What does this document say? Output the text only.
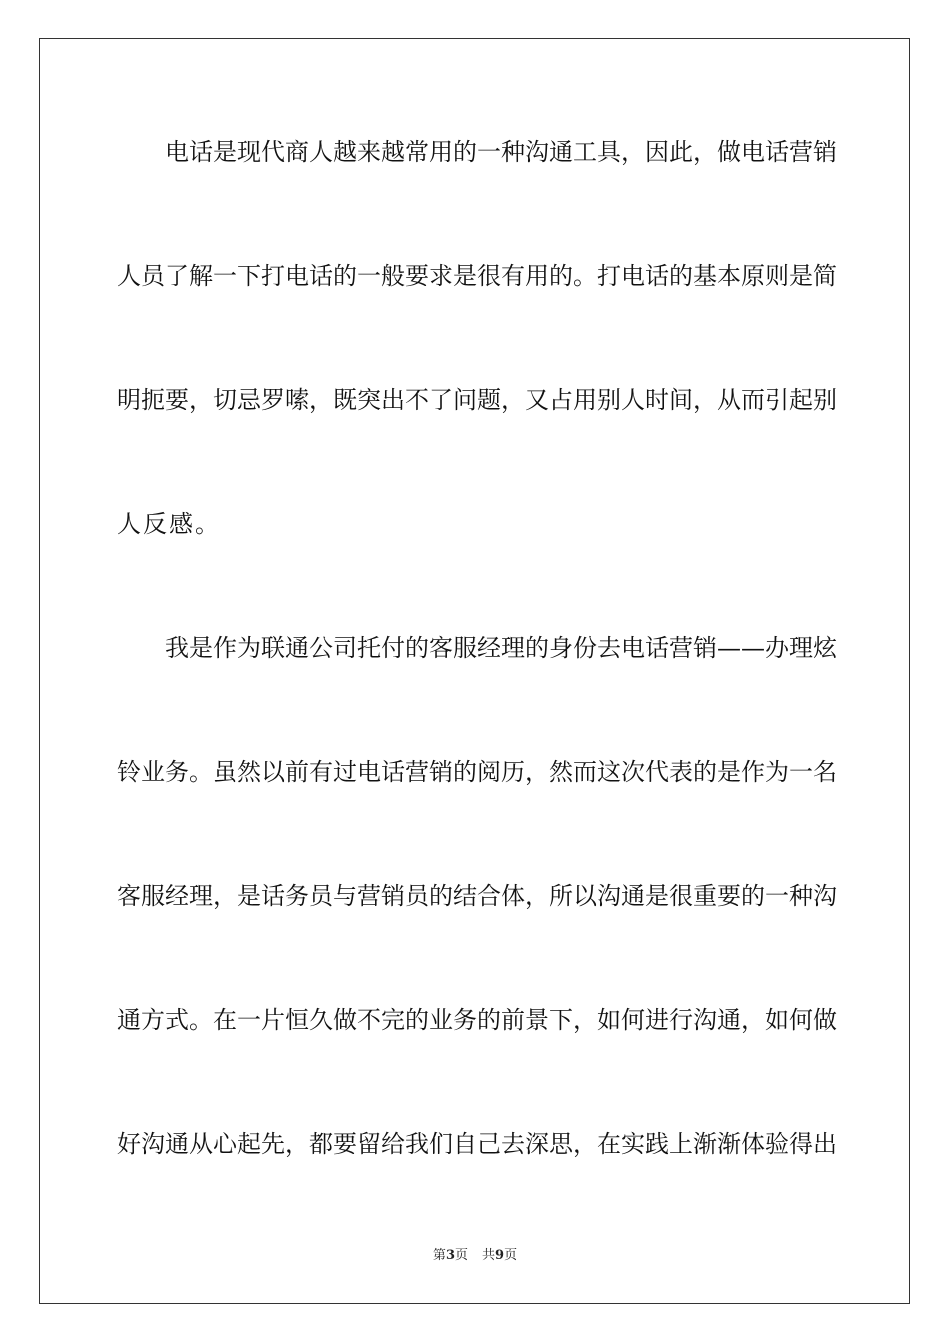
电话是现代商人越来越常用的一种沟通工具，因此，做电话营销
人员了解一下打电话的一般要求是很有用的。打电话的基本原则是简
明扼要，切忌罗嗦，既突出不了问题，又占用别人时间，从而引起别
人反感。
我是作为联通公司托付的客服经理的身份去电话营销——办理炫
铃业务。虽然以前有过电话营销的阅历，然而这次代表的是作为一名
客服经理，是话务员与营销员的结合体，所以沟通是很重要的一种沟
通方式。在一片恒久做不完的业务的前景下，如何进行沟通，如何做
好沟通从心起先，都要留给我们自己去深思，在实践上渐渐体验得出
第3页 共9页
